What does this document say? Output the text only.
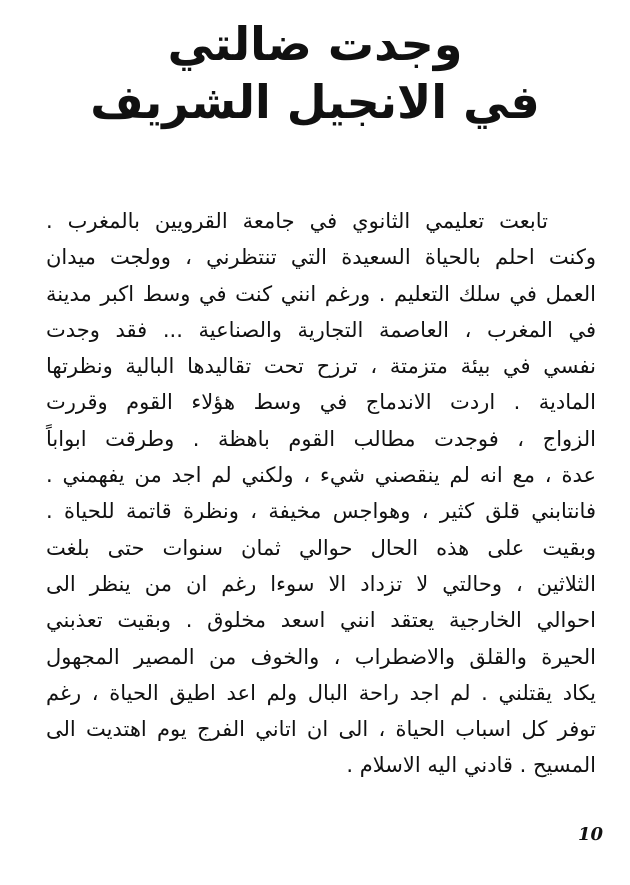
وجدت ضالتي
في الانجيل الشريف
تابعت تعليمي الثانوي في جامعة القرويين بالمغرب .
وكنت احلم بالحياة السعيدة التي تنتظرني ، وولجت ميدان
العمل في سلك التعليم . ورغم انني كنت في وسط اكبر مدينة
في المغرب ، العاصمة التجارية والصناعية ... فقد وجدت
نفسي في بيئة متزمتة ، ترزح تحت تقاليدها البالية ونظرتها
المادية . اردت الاندماج في وسط هؤلاء القوم وقررت
الزواج ، فوجدت مطالب القوم باهظة . وطرقت ابواباً
عدة ، مع انه لم ينقصني شيء ، ولكني لم اجد من يفهمني .
فانتابني قلق كثير ، وهواجس مخيفة ، ونظرة قاتمة للحياة .
وبقيت على هذه الحال حوالي ثمان سنوات حتى بلغت
الثلاثين ، وحالتي لا تزداد الا سوءا رغم ان من ينظر الى
احوالي الخارجية يعتقد انني اسعد مخلوق . وبقيت تعذبني
الحيرة والقلق والاضطراب ، والخوف من المصير المجهول
يكاد يقتلني . لم اجد راحة البال ولم اعد اطيق الحياة ، رغم
توفر كل اسباب الحياة ، الى ان اتاني الفرج يوم اهتديت الى
المسيح . قادني اليه الاسلام .
10
